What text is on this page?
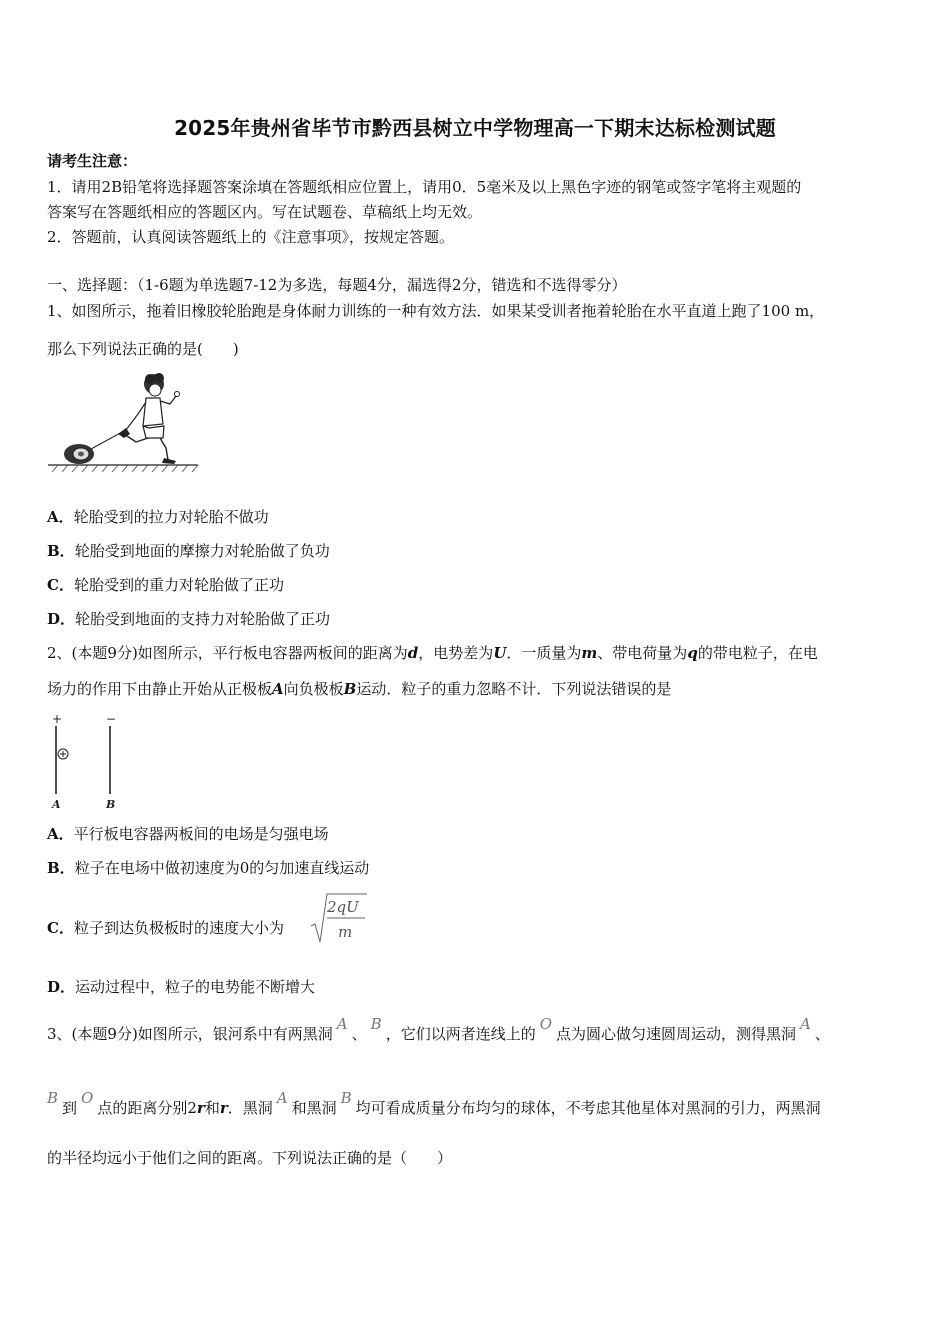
2025年贵州省毕节市黔西县树立中学物理高一下期末达标检测试题
请考生注意：
1．请用2B铅笔将选择题答案涂填在答题纸相应位置上，请用0．5毫米及以上黑色字迹的钢笔或签字笔将主观题的
答案写在答题纸相应的答题区内。写在试题卷、草稿纸上均无效。
2．答题前，认真阅读答题纸上的《注意事项》，按规定答题。
一、选择题：（1-6题为单选题7-12为多选，每题4分，漏选得2分，错选和不选得零分）
1、如图所示，拖着旧橡胶轮胎跑是身体耐力训练的一种有效方法．如果某受训者拖着轮胎在水平直道上跑了100 m，
那么下列说法正确的是(　　)
A．轮胎受到的拉力对轮胎不做功
B．轮胎受到地面的摩擦力对轮胎做了负功
C．轮胎受到的重力对轮胎做了正功
D．轮胎受到地面的支持力对轮胎做了正功
2、(本题9分)如图所示，平行板电容器两板间的距离为d，电势差为U．一质量为m、带电荷量为q的带电粒子，在电
场力的作用下由静止开始从正极板A向负极板B运动．粒子的重力忽略不计．下列说法错误的是
+	−
A	B
A．平行板电容器两板间的电场是匀强电场
B．粒子在电场中做初速度为0的匀加速直线运动
C．粒子到达负极板时的速度大小为
2qU
m
D．运动过程中，粒子的电势能不断增大
3、(本题9分)如图所示，银河系中有两黑洞A、B，它们以两者连线上的O点为圆心做匀速圆周运动，测得黑洞A、
B到O点的距离分别2r和r．黑洞A和黑洞B均可看成质量分布均匀的球体，不考虑其他星体对黑洞的引力，两黑洞
的半径均远小于他们之间的距离。下列说法正确的是（　　）
